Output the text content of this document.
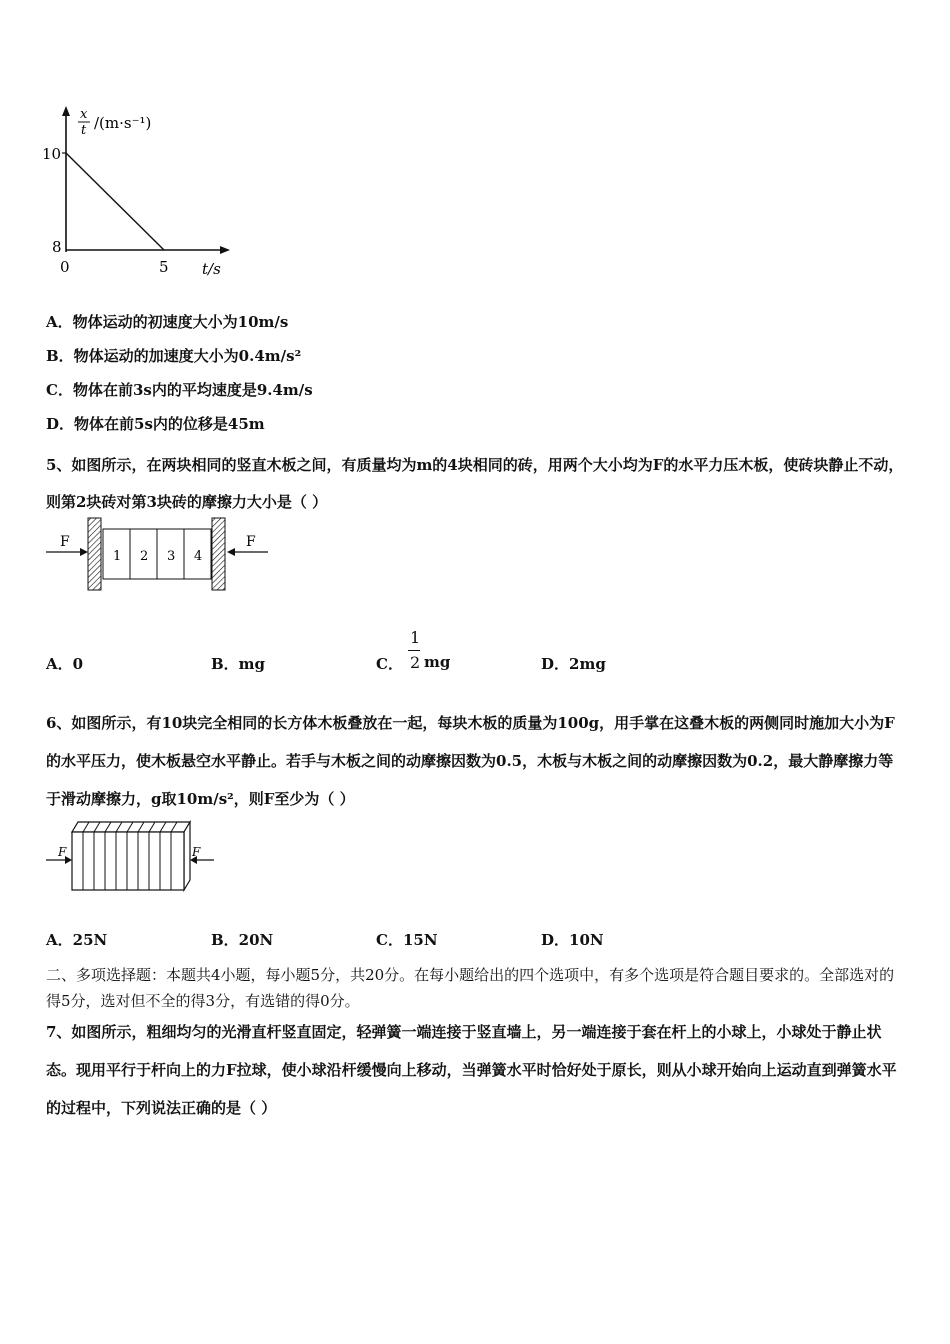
x
t /(m·s⁻¹)
10
8
0	5 t/s
A．物体运动的初速度大小为10m/s
B．物体运动的加速度大小为0.4m/s²
C．物体在前3s内的平均速度是9.4m/s
D．物体在前5s内的位移是45m
5、如图所示，在两块相同的竖直木板之间，有质量均为m的4块相同的砖，用两个大小均为F的水平力压木板，使砖块静止不动，则第2块砖对第3块砖的摩擦力大小是（ ）
1 2 3 4
F	F
A．0	B．mg	C．
1
2 mg	D．2mg
6、如图所示，有10块完全相同的长方体木板叠放在一起，每块木板的质量为100g，用手掌在这叠木板的两侧同时施加大小为F的水平压力，使木板悬空水平静止。若手与木板之间的动摩擦因数为0.5，木板与木板之间的动摩擦因数为0.2，最大静摩擦力等于滑动摩擦力，g取10m/s²，则F至少为（ ）
F	F
A．25N	B．20N	C．15N	D．10N
二、多项选择题：本题共4小题，每小题5分，共20分。在每小题给出的四个选项中，有多个选项是符合题目要求的。全部选对的得5分，选对但不全的得3分，有选错的得0分。
7、如图所示，粗细均匀的光滑直杆竖直固定，轻弹簧一端连接于竖直墙上，另一端连接于套在杆上的小球上，小球处于静止状态。现用平行于杆向上的力F拉球，使小球沿杆缓慢向上移动，当弹簧水平时恰好处于原长，则从小球开始向上运动直到弹簧水平的过程中，下列说法正确的是（ ）
